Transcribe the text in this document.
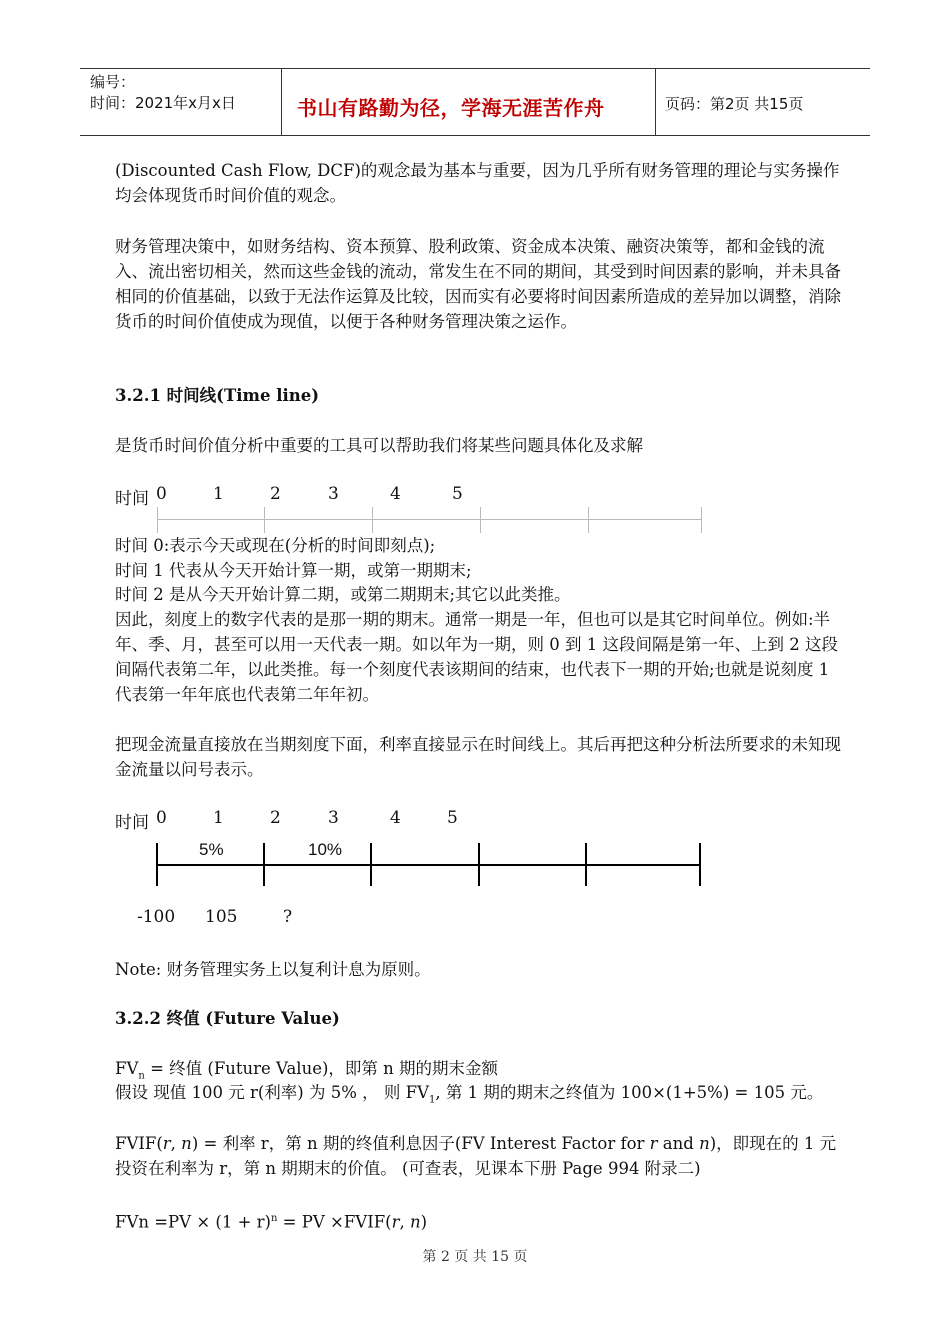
编号：
时间：2021年x月x日	书山有路勤为径，学海无涯苦作舟	页码：第2页 共15页
(Discounted Cash Flow, DCF)的观念最为基本与重要，因为几乎所有财务管理的理论与实务操作均会体现货币时间价值的观念。
财务管理决策中，如财务结构、资本预算、股利政策、资金成本决策、融资决策等，都和金钱的流入、流出密切相关，然而这些金钱的流动，常发生在不同的期间，其受到时间因素的影响，并未具备相同的价值基础，以致于无法作运算及比较，因而实有必要将时间因素所造成的差异加以调整，消除货币的时间价值使成为现值，以便于各种财务管理决策之运作。
3.2.1 时间线(Time line)
是货币时间价值分析中重要的工具可以帮助我们将某些问题具体化及求解
时间 0	1	2	3	4	5
时间 0:表示今天或现在(分析的时间即刻点);
时间 1 代表从今天开始计算一期，或第一期期末;
时间 2 是从今天开始计算二期，或第二期期末;其它以此类推。
因此，刻度上的数字代表的是那一期的期末。通常一期是一年，但也可以是其它时间单位。例如:半年、季、月，甚至可以用一天代表一期。如以年为一期，则 0 到 1 这段间隔是第一年、上到 2 这段间隔代表第二年，以此类推。每一个刻度代表该期间的结束，也代表下一期的开始;也就是说刻度 1 代表第一年年底也代表第二年年初。
把现金流量直接放在当期刻度下面，利率直接显示在时间线上。其后再把这种分析法所要求的未知现金流量以问号表示。
时间 0	1	2	3	4	5
5%	10%
-100 105	?
Note: 财务管理实务上以复利计息为原则。
3.2.2 终值 (Future Value)
$FV_n$ = 终值 (Future Value)，即第 n 期的期末金额
假设 现值 100 元 r(利率) 为 5% ， 则 $FV_1$, 第 1 期的期末之终值为 100×(1+5%) = 105 元。
FVIF(r, n) = 利率 r，第 n 期的终值利息因子(FV Interest Factor for r and n)，即现在的 1 元投资在利率为 r，第 n 期期末的价值。 (可查表，见课本下册 Page 994 附录二)
FVn $=PV \times (1 + r)^n$ = PV ×FVIF(r, n)
第 2 页 共 15 页
